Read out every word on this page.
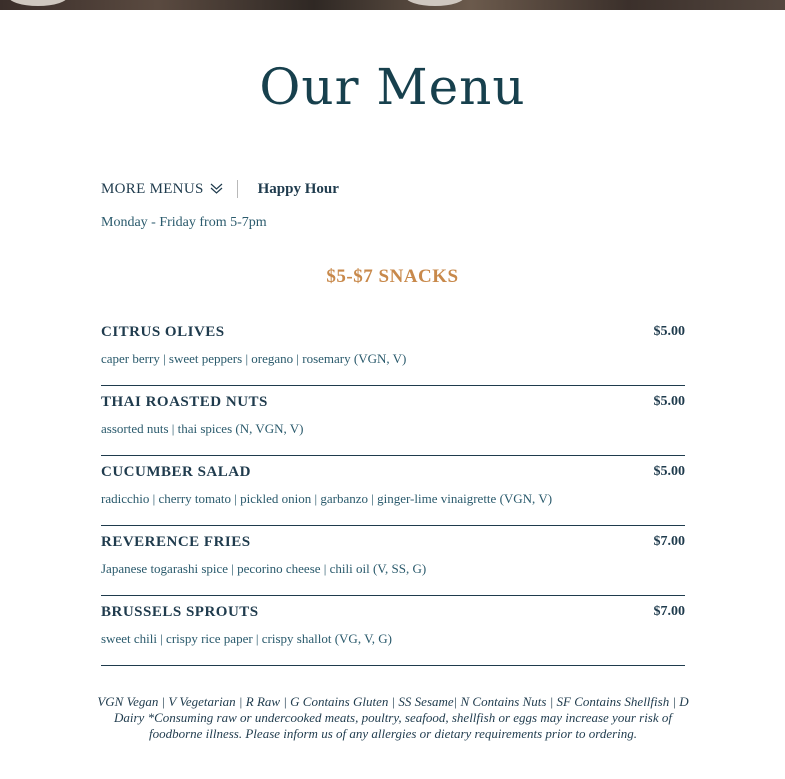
Our Menu
MORE MENUS	Happy Hour
Monday - Friday from 5-7pm
$5-$7 SNACKS
CITRUS OLIVES	$5.00
caper berry | sweet peppers | oregano | rosemary (VGN, V)
THAI ROASTED NUTS	$5.00
assorted nuts | thai spices (N, VGN, V)
CUCUMBER SALAD	$5.00
radicchio | cherry tomato | pickled onion | garbanzo | ginger-lime vinaigrette (VGN, V)
REVERENCE FRIES	$7.00
Japanese togarashi spice | pecorino cheese | chili oil (V, SS, G)
BRUSSELS SPROUTS	$7.00
sweet chili | crispy rice paper | crispy shallot (VG, V, G)

VGN Vegan | V Vegetarian | R Raw | G Contains Gluten | SS Sesame| N Contains Nuts | SF Contains Shellfish | D Dairy *Consuming raw or undercooked meats, poultry, seafood, shellfish or eggs may increase your risk of foodborne illness. Please inform us of any allergies or dietary requirements prior to ordering.
